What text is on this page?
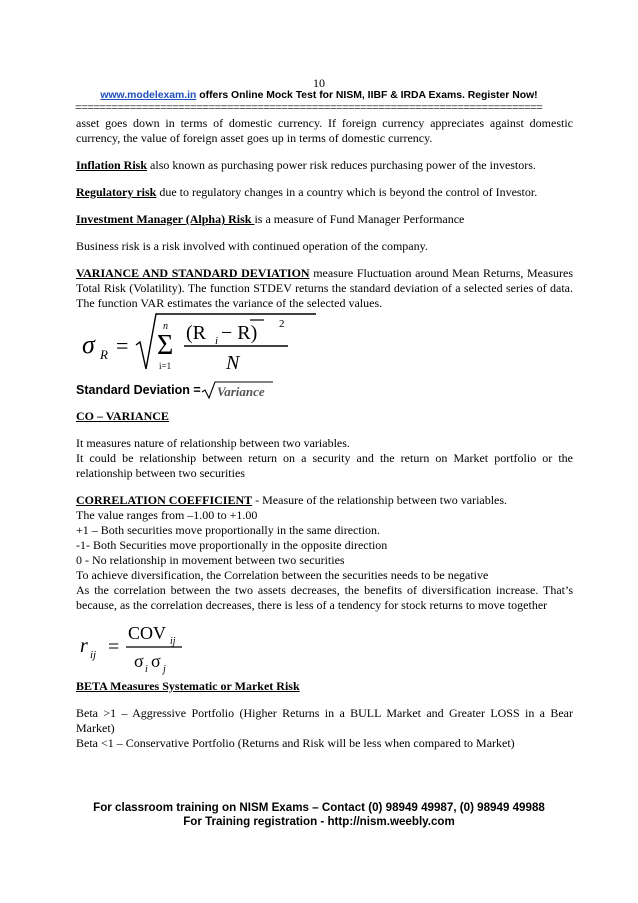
10
www.modelexam.in offers Online Mock Test for NISM, IIBF & IRDA Exams. Register Now!
=============================================================================

asset goes down in terms of domestic currency. If foreign currency appreciates against domestic currency, the value of foreign asset goes up in terms of domestic currency.

Inflation Risk also known as purchasing power risk reduces purchasing power of the investors.

Regulatory risk due to regulatory changes in a country which is beyond the control of Investor.

Investment Manager (Alpha) Risk is a measure of Fund Manager Performance

Business risk is a risk involved with continued operation of the company.

VARIANCE AND STANDARD DEVIATION measure Fluctuation around Mean Returns, Measures Total Risk (Volatility). The function STDEV returns the standard deviation of a selected series of data. The function VAR estimates the variance of the selected values.

σ R =
n
Σ
i=1
(R i − R) 2
N
Standard Deviation = Variance

CO – VARIANCE

It measures nature of relationship between two variables.

It could be relationship between return on a security and the return on Market portfolio or the relationship between two securities

CORRELATION COEFFICIENT - Measure of the relationship between two variables.

The value ranges from –1.00 to +1.00

+1 – Both securities move proportionally in the same direction.

-1- Both Securities move proportionally in the opposite direction

0 - No relationship in movement between two securities

To achieve diversification, the Correlation between the securities needs to be negative

As the correlation between the two assets decreases, the benefits of diversification increase. That’s because, as the correlation decreases, there is less of a tendency for stock returns to move together

r ij =
COV ij
σ i σ j

BETA Measures Systematic or Market Risk

Beta >1 – Aggressive Portfolio (Higher Returns in a BULL Market and Greater LOSS in a Bear Market)

Beta <1 – Conservative Portfolio (Returns and Risk will be less when compared to Market)

For classroom training on NISM Exams – Contact (0) 98949 49987, (0) 98949 49988
For Training registration - http://nism.weebly.com
